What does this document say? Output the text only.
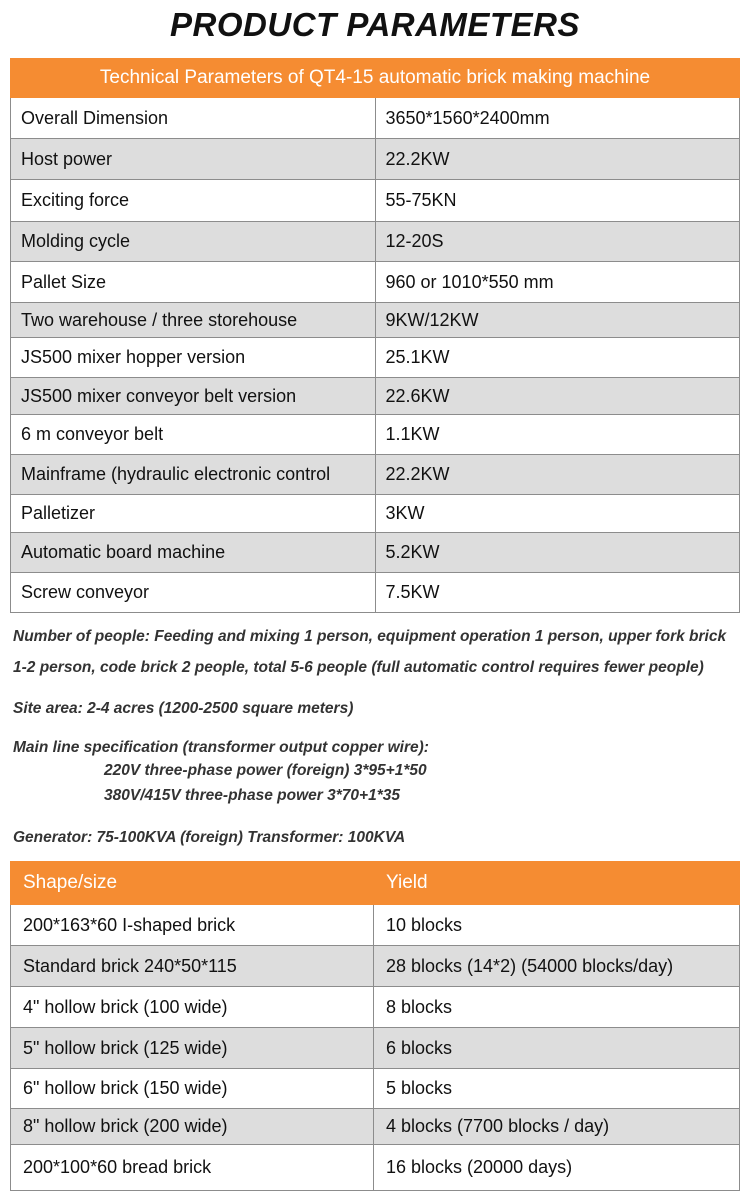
PRODUCT PARAMETERS
Technical Parameters of QT4-15 automatic brick making machine	
Overall Dimension	3650*1560*2400mm
Host power	22.2KW
Exciting force	55-75KN
Molding cycle	12-20S
Pallet Size	960 or 1010*550 mm
Two warehouse / three storehouse	9KW/12KW
JS500 mixer hopper version	25.1KW
JS500 mixer conveyor belt version	22.6KW
6 m conveyor belt	1.1KW
Mainframe (hydraulic electronic control	22.2KW
Palletizer	3KW
Automatic board machine	5.2KW
Screw conveyor	7.5KW
Number of people: Feeding and mixing 1 person, equipment operation 1 person, upper fork brick
1-2 person, code brick 2 people, total 5-6 people (full automatic control requires fewer people)
Site area: 2-4 acres (1200-2500 square meters)
Main line specification (transformer output copper wire):
220V three-phase power (foreign) 3*95+1*50
380V/415V three-phase power 3*70+1*35
Generator: 75-100KVA (foreign) Transformer: 100KVA
Shape/size	Yield
200*163*60 I-shaped brick	10 blocks
Standard brick 240*50*115	28 blocks (14*2) (54000 blocks/day)
4" hollow brick (100 wide)	8 blocks
5" hollow brick (125 wide)	6 blocks
6" hollow brick (150 wide)	5 blocks
8" hollow brick (200 wide)	4 blocks (7700 blocks / day)
200*100*60 bread brick	16 blocks (20000 days)
